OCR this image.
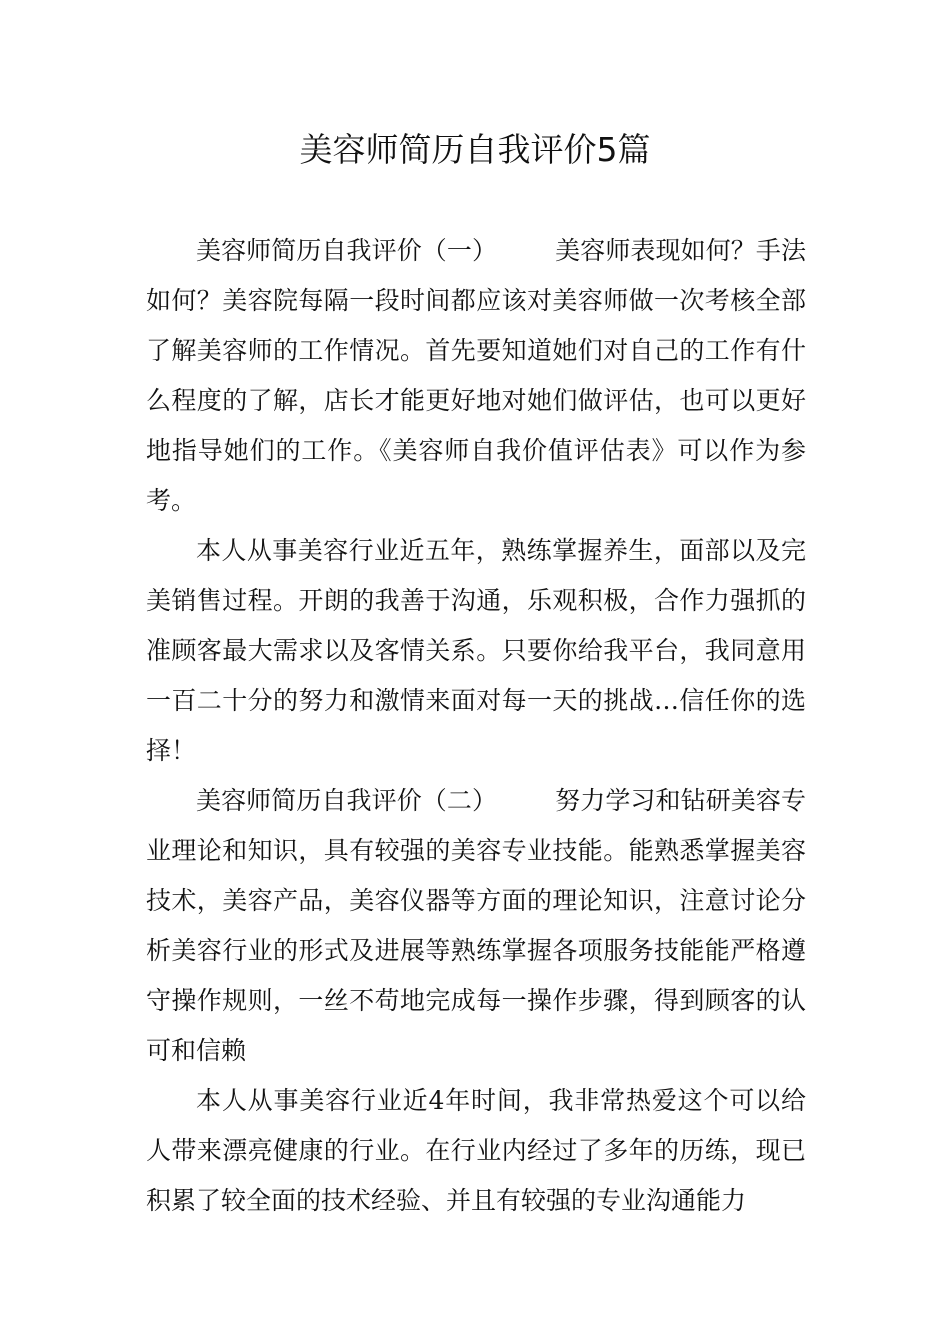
美容师简历自我评价5篇

美容师简历自我评价（一） 美容师表现如何？手法如何？美容院每隔一段时间都应该对美容师做一次考核全部了解美容师的工作情况。首先要知道她们对自己的工作有什么程度的了解，店长才能更好地对她们做评估，也可以更好地指导她们的工作。《美容师自我价值评估表》可以作为参考。

本人从事美容行业近五年，熟练掌握养生，面部以及完美销售过程。开朗的我善于沟通，乐观积极，合作力强抓的准顾客最大需求以及客情关系。只要你给我平台，我同意用一百二十分的努力和激情来面对每一天的挑战…信任你的选择！

美容师简历自我评价（二） 努力学习和钻研美容专业理论和知识，具有较强的美容专业技能。能熟悉掌握美容技术，美容产品，美容仪器等方面的理论知识，注意讨论分析美容行业的形式及进展等熟练掌握各项服务技能能严格遵守操作规则，一丝不苟地完成每一操作步骤，得到顾客的认可和信赖

本人从事美容行业近4年时间，我非常热爱这个可以给人带来漂亮健康的行业。在行业内经过了多年的历练，现已积累了较全面的技术经验、并且有较强的专业沟通能力
